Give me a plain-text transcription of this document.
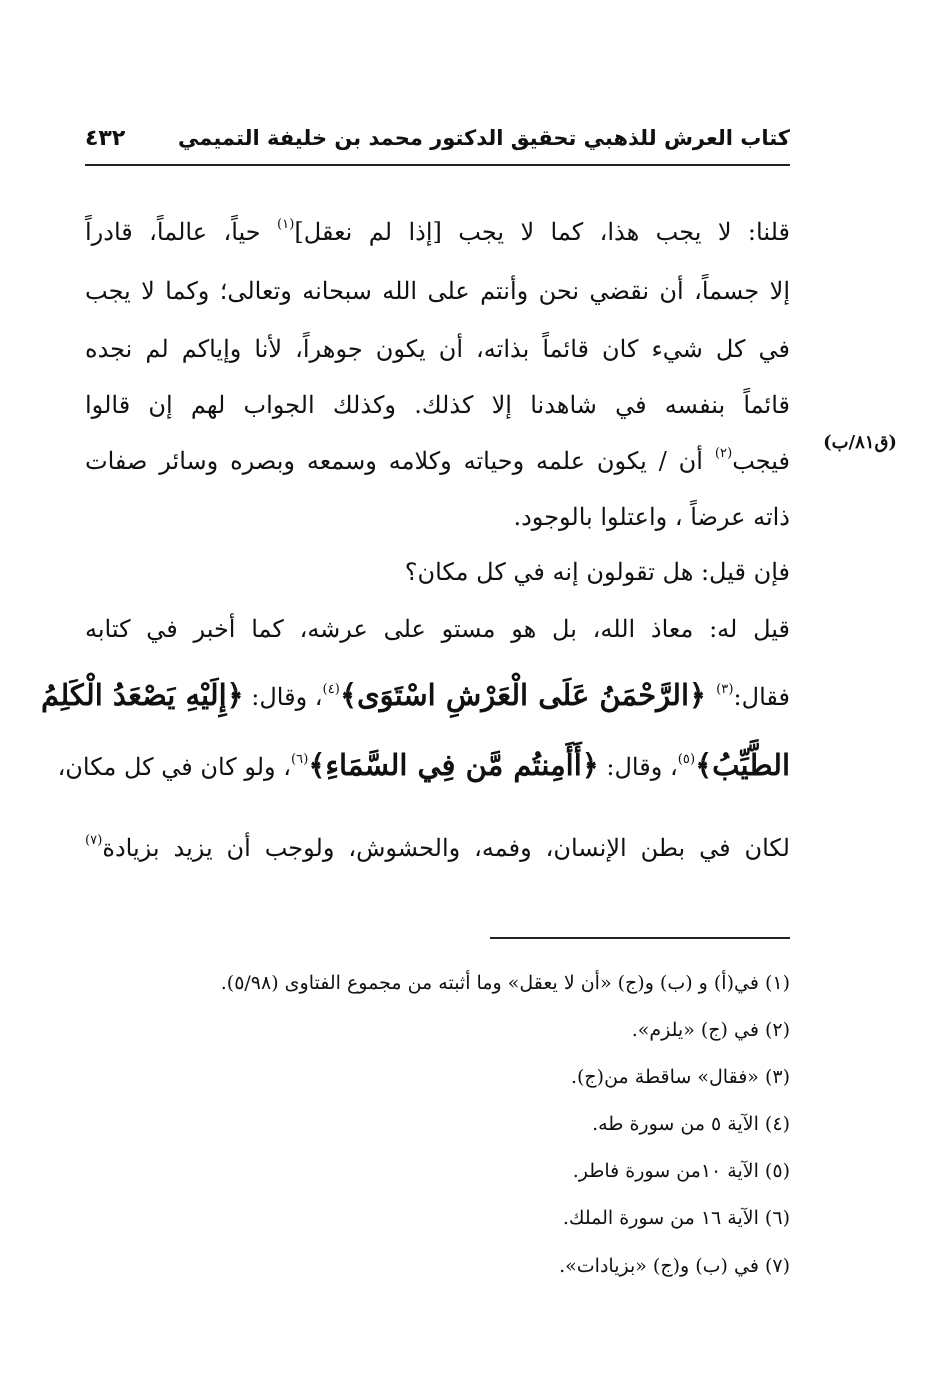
كتاب العرش للذهبي تحقيق الدكتور محمد بن خليفة التميمي
٤٣٢
(ق٨١/ب)
قلنا: لا يجب هذا، كما لا يجب [إذا لم نعقل]$^{(١)}$ حياً، عالماً، قادراً
إلا جسماً، أن نقضي نحن وأنتم على الله سبحانه وتعالى؛ وكما لا يجب
في كل شيء كان قائماً بذاته، أن يكون جوهراً، لأنا وإياكم لم نجده
قائماً بنفسه في شاهدنا إلا كذلك. وكذلك الجواب لهم إن قالوا
فيجب$^{(٢)}$ أن / يكون علمه وحياته وكلامه وسمعه وبصره وسائر صفات
ذاته عرضاً ، واعتلوا بالوجود.
فإن قيل: هل تقولون إنه في كل مكان؟
قيل له: معاذ الله، بل هو مستو على عرشه، كما أخبر في كتابه
فقال:$^{(٣)}$ ﴿الرَّحْمَنُ عَلَى الْعَرْشِ اسْتَوَى﴾$^{(٤)}$، وقال: ﴿إِلَيْهِ يَصْعَدُ الْكَلِمُ
الطَّيِّبُ﴾$^{(٥)}$، وقال: ﴿أَأَمِنتُم مَّن فِي السَّمَاءِ﴾$^{(٦)}$، ولو كان في كل مكان،
لكان في بطن الإنسان، وفمه، والحشوش، ولوجب أن يزيد بزيادة$^{(٧)}$
(١) في(أ) و (ب) و(ج) «أن لا يعقل» وما أثبته من مجموع الفتاوى (٥/٩٨).
(٢) في (ج) «يلزم».
(٣) «فقال» ساقطة من(ج).
(٤) الآية ٥ من سورة طه.
(٥) الآية ١٠من سورة فاطر.
(٦) الآية ١٦ من سورة الملك.
(٧) في (ب) و(ج) «بزيادات».
